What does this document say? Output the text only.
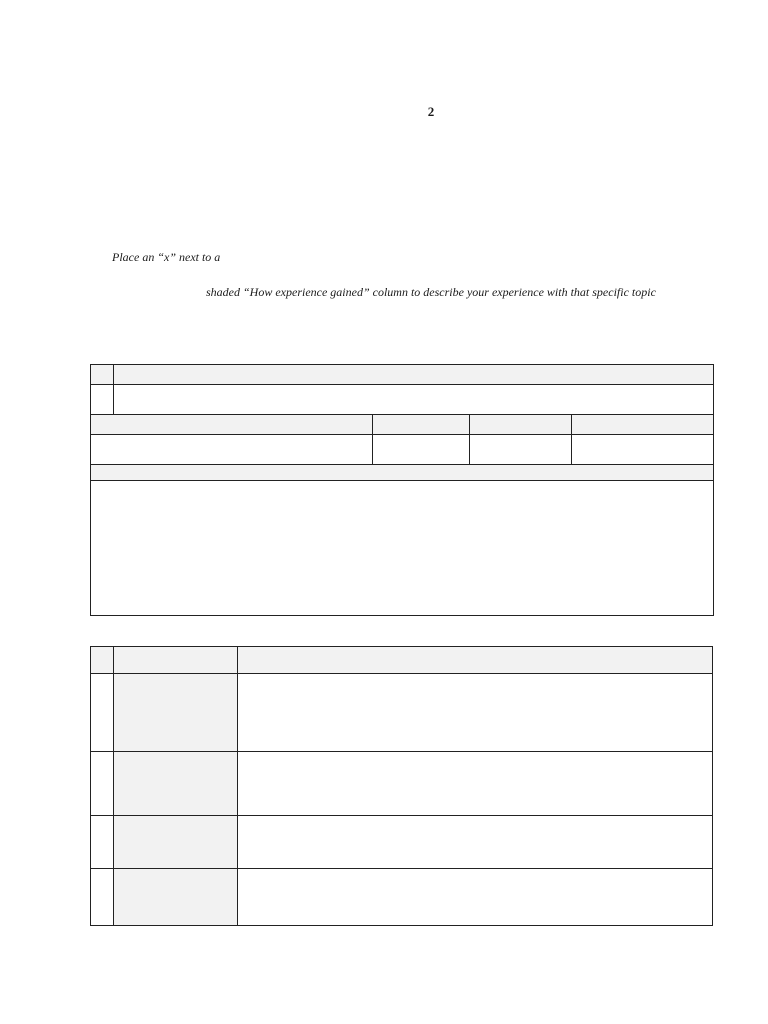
2
Place an “x” next to a
shaded “How experience gained” column to describe your experience with that specific topic
